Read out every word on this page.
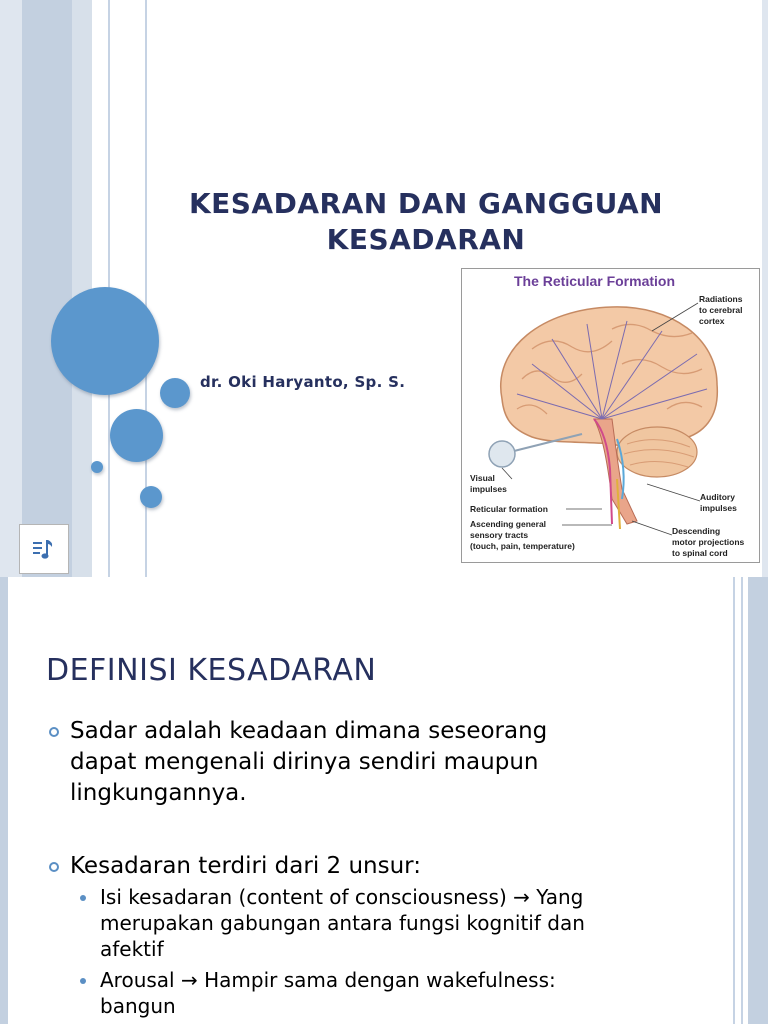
KESADARAN DAN GANGGUAN
KESADARAN

dr. Oki Haryanto, Sp. S.

The Reticular Formation
Radiations
to cerebral
cortex
Visual
impulses
Reticular formation
Ascending general
sensory tracts
(touch, pain, temperature)
Auditory
impulses
Descending
motor projections
to spinal cord
DEFINISI KESADARAN

Sadar adalah keadaan dimana seseorang
dapat mengenali dirinya sendiri maupun
lingkungannya.

Kesadaran terdiri dari 2 unsur:

Isi kesadaran (content of consciousness) → Yang
merupakan gabungan antara fungsi kognitif dan
afektif

Arousal → Hampir sama dengan wakefulness:
bangun
